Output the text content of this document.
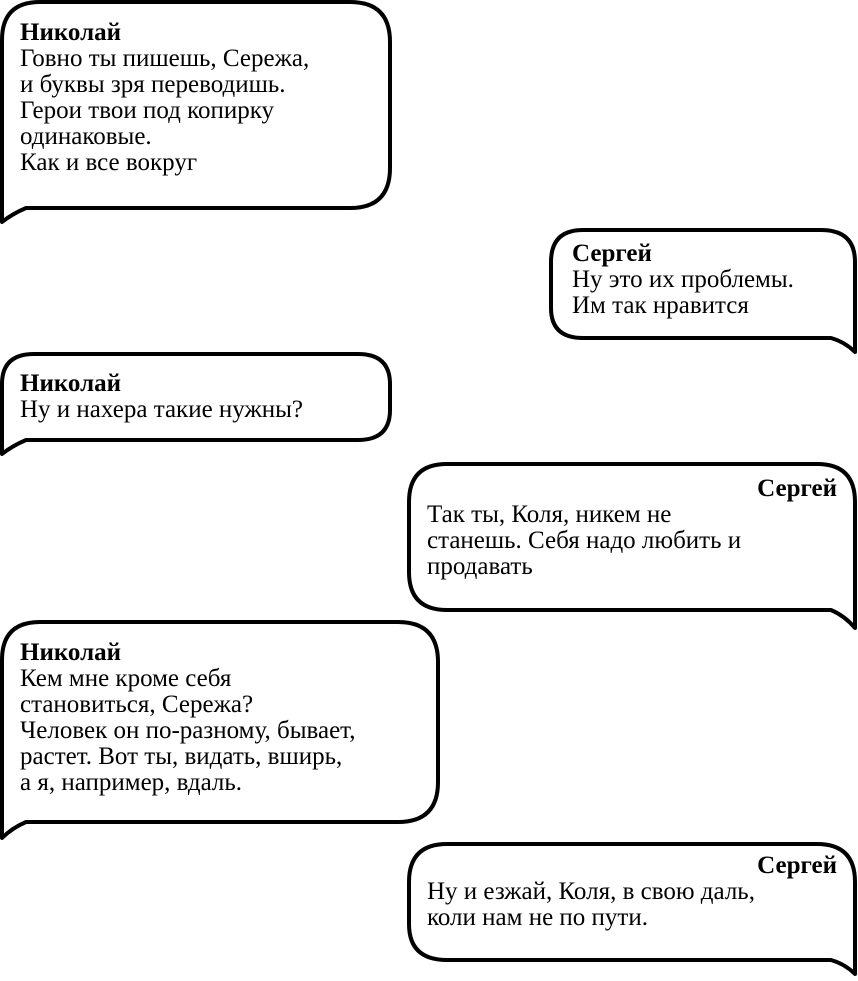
Николай
Говно ты пишешь, Сережа,
и буквы зря переводишь.
Герои твои под копирку
одинаковые.
Как и все вокруг
Сергей
Ну это их проблемы.
Им так нравится
Николай
Ну и нахера такие нужны?
Сергей
Так ты, Коля, никем не
станешь. Себя надо любить и
продавать
Николай
Кем мне кроме себя
становиться, Сережа?
Человек он по-разному, бывает,
растет. Вот ты, видать, вширь,
а я, например, вдаль.
Сергей
Ну и езжай, Коля, в свою даль,
коли нам не по пути.
